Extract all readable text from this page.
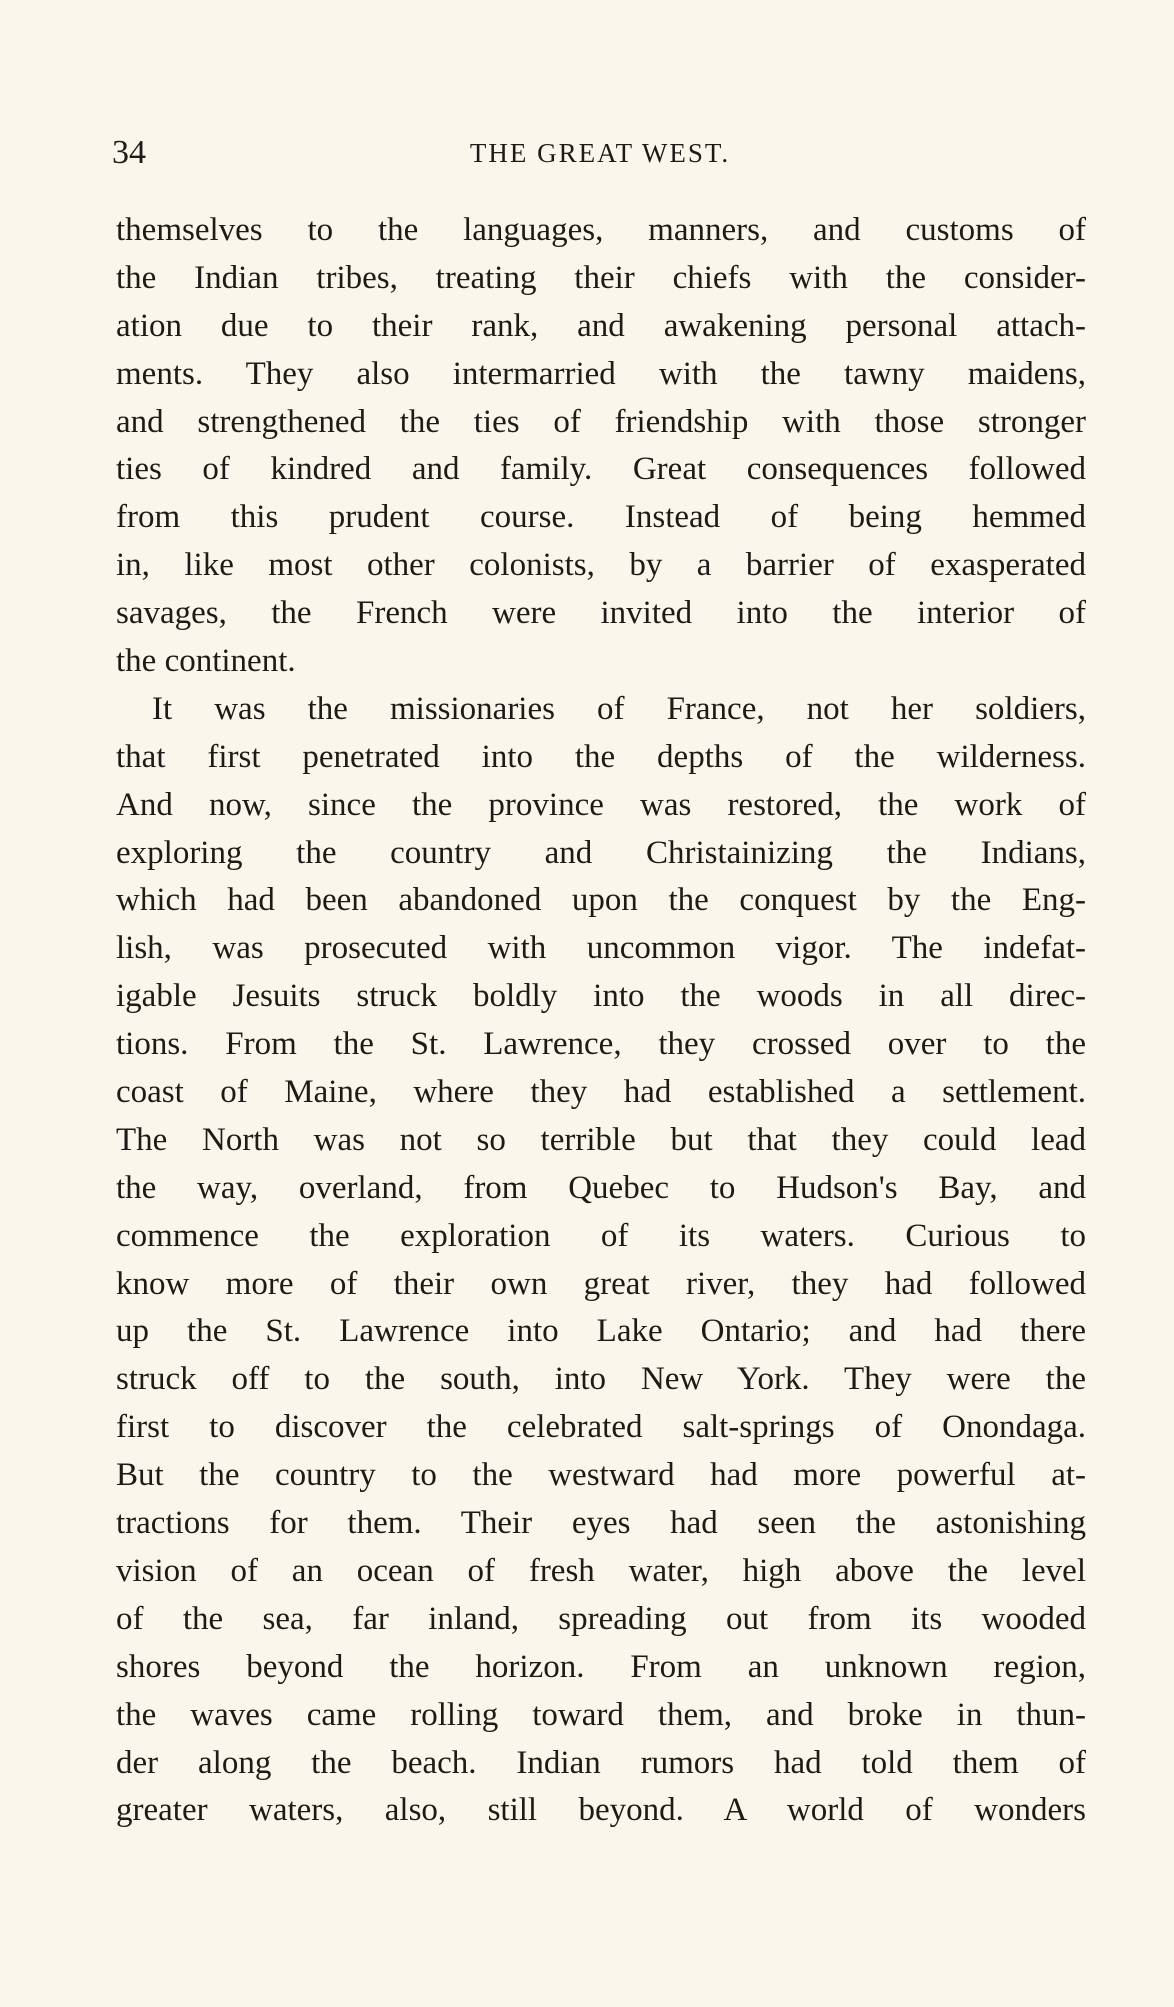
34	THE GREAT WEST.
themselves to the languages, manners, and customs of
the Indian tribes, treating their chiefs with the consider-
ation due to their rank, and awakening personal attach-
ments. They also intermarried with the tawny maidens,
and strengthened the ties of friendship with those stronger
ties of kindred and family. Great consequences followed
from this prudent course. Instead of being hemmed
in, like most other colonists, by a barrier of exasperated
savages, the French were invited into the interior of
the continent.
It was the missionaries of France, not her soldiers,
that first penetrated into the depths of the wilderness.
And now, since the province was restored, the work of
exploring the country and Christainizing the Indians,
which had been abandoned upon the conquest by the Eng-
lish, was prosecuted with uncommon vigor. The indefat-
igable Jesuits struck boldly into the woods in all direc-
tions. From the St. Lawrence, they crossed over to the
coast of Maine, where they had established a settlement.
The North was not so terrible but that they could lead
the way, overland, from Quebec to Hudson's Bay, and
commence the exploration of its waters. Curious to
know more of their own great river, they had followed
up the St. Lawrence into Lake Ontario; and had there
struck off to the south, into New York. They were the
first to discover the celebrated salt-springs of Onondaga.
But the country to the westward had more powerful at-
tractions for them. Their eyes had seen the astonishing
vision of an ocean of fresh water, high above the level
of the sea, far inland, spreading out from its wooded
shores beyond the horizon. From an unknown region,
the waves came rolling toward them, and broke in thun-
der along the beach. Indian rumors had told them of
greater waters, also, still beyond. A world of wonders
